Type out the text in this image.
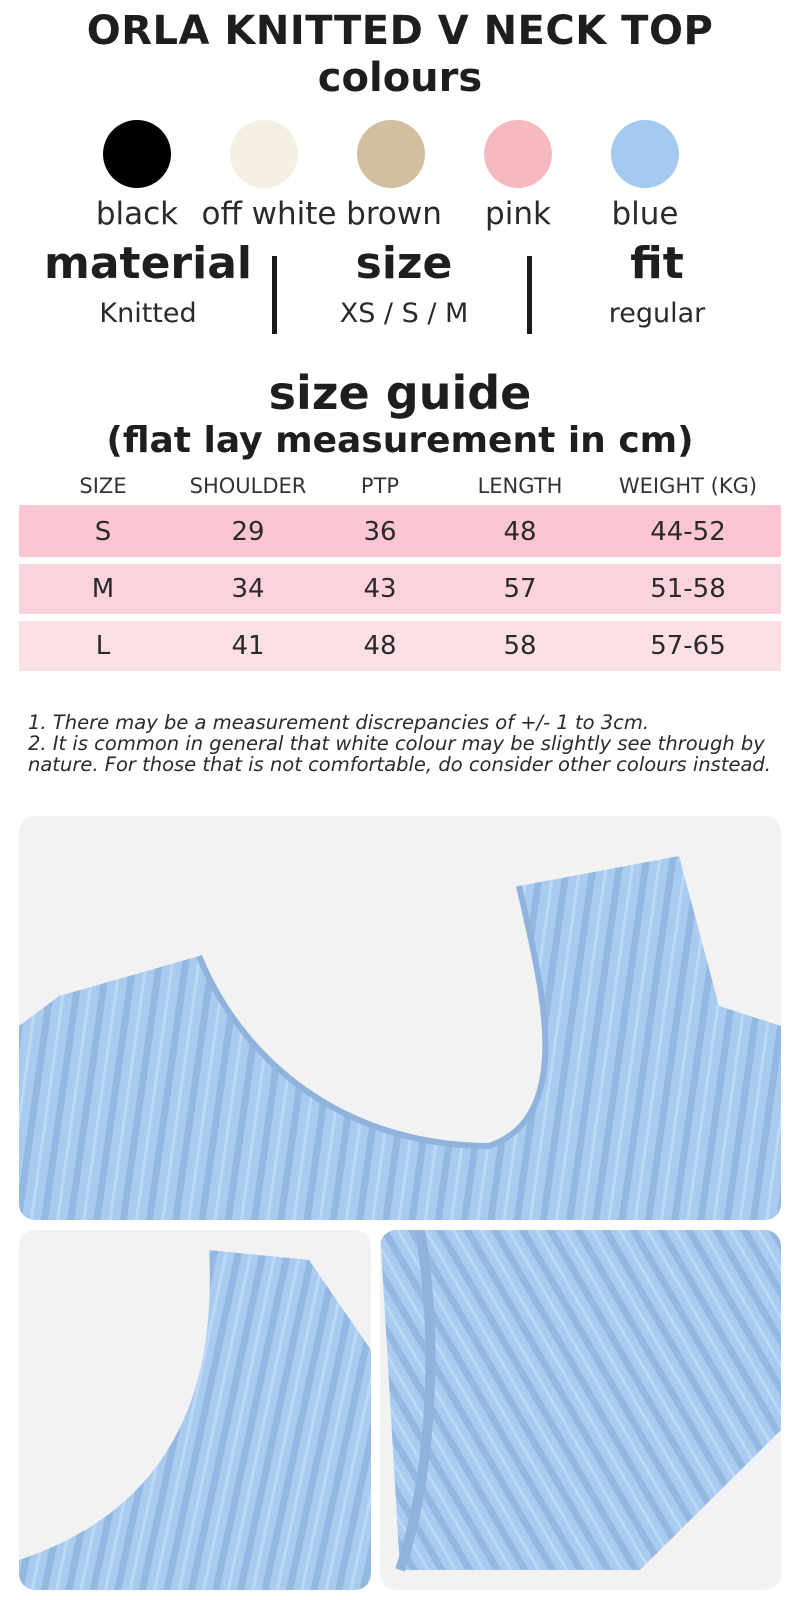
ORLA KNITTED V NECK TOP
colours
black off white brown	pink	blue
material
Knitted
size
XS / S / M
fit
regular
size guide
(flat lay measurement in cm)
SIZE	SHOULDER	PTP	LENGTH	WEIGHT (KG)
S	29	36	48	44-52
M	34	43	57	51-58
L	41	48	58	57-65
1. There may be a measurement discrepancies of +/- 1 to 3cm.
2. It is common in general that white colour may be slightly see through by nature. For those that is not comfortable, do consider other colours instead.
